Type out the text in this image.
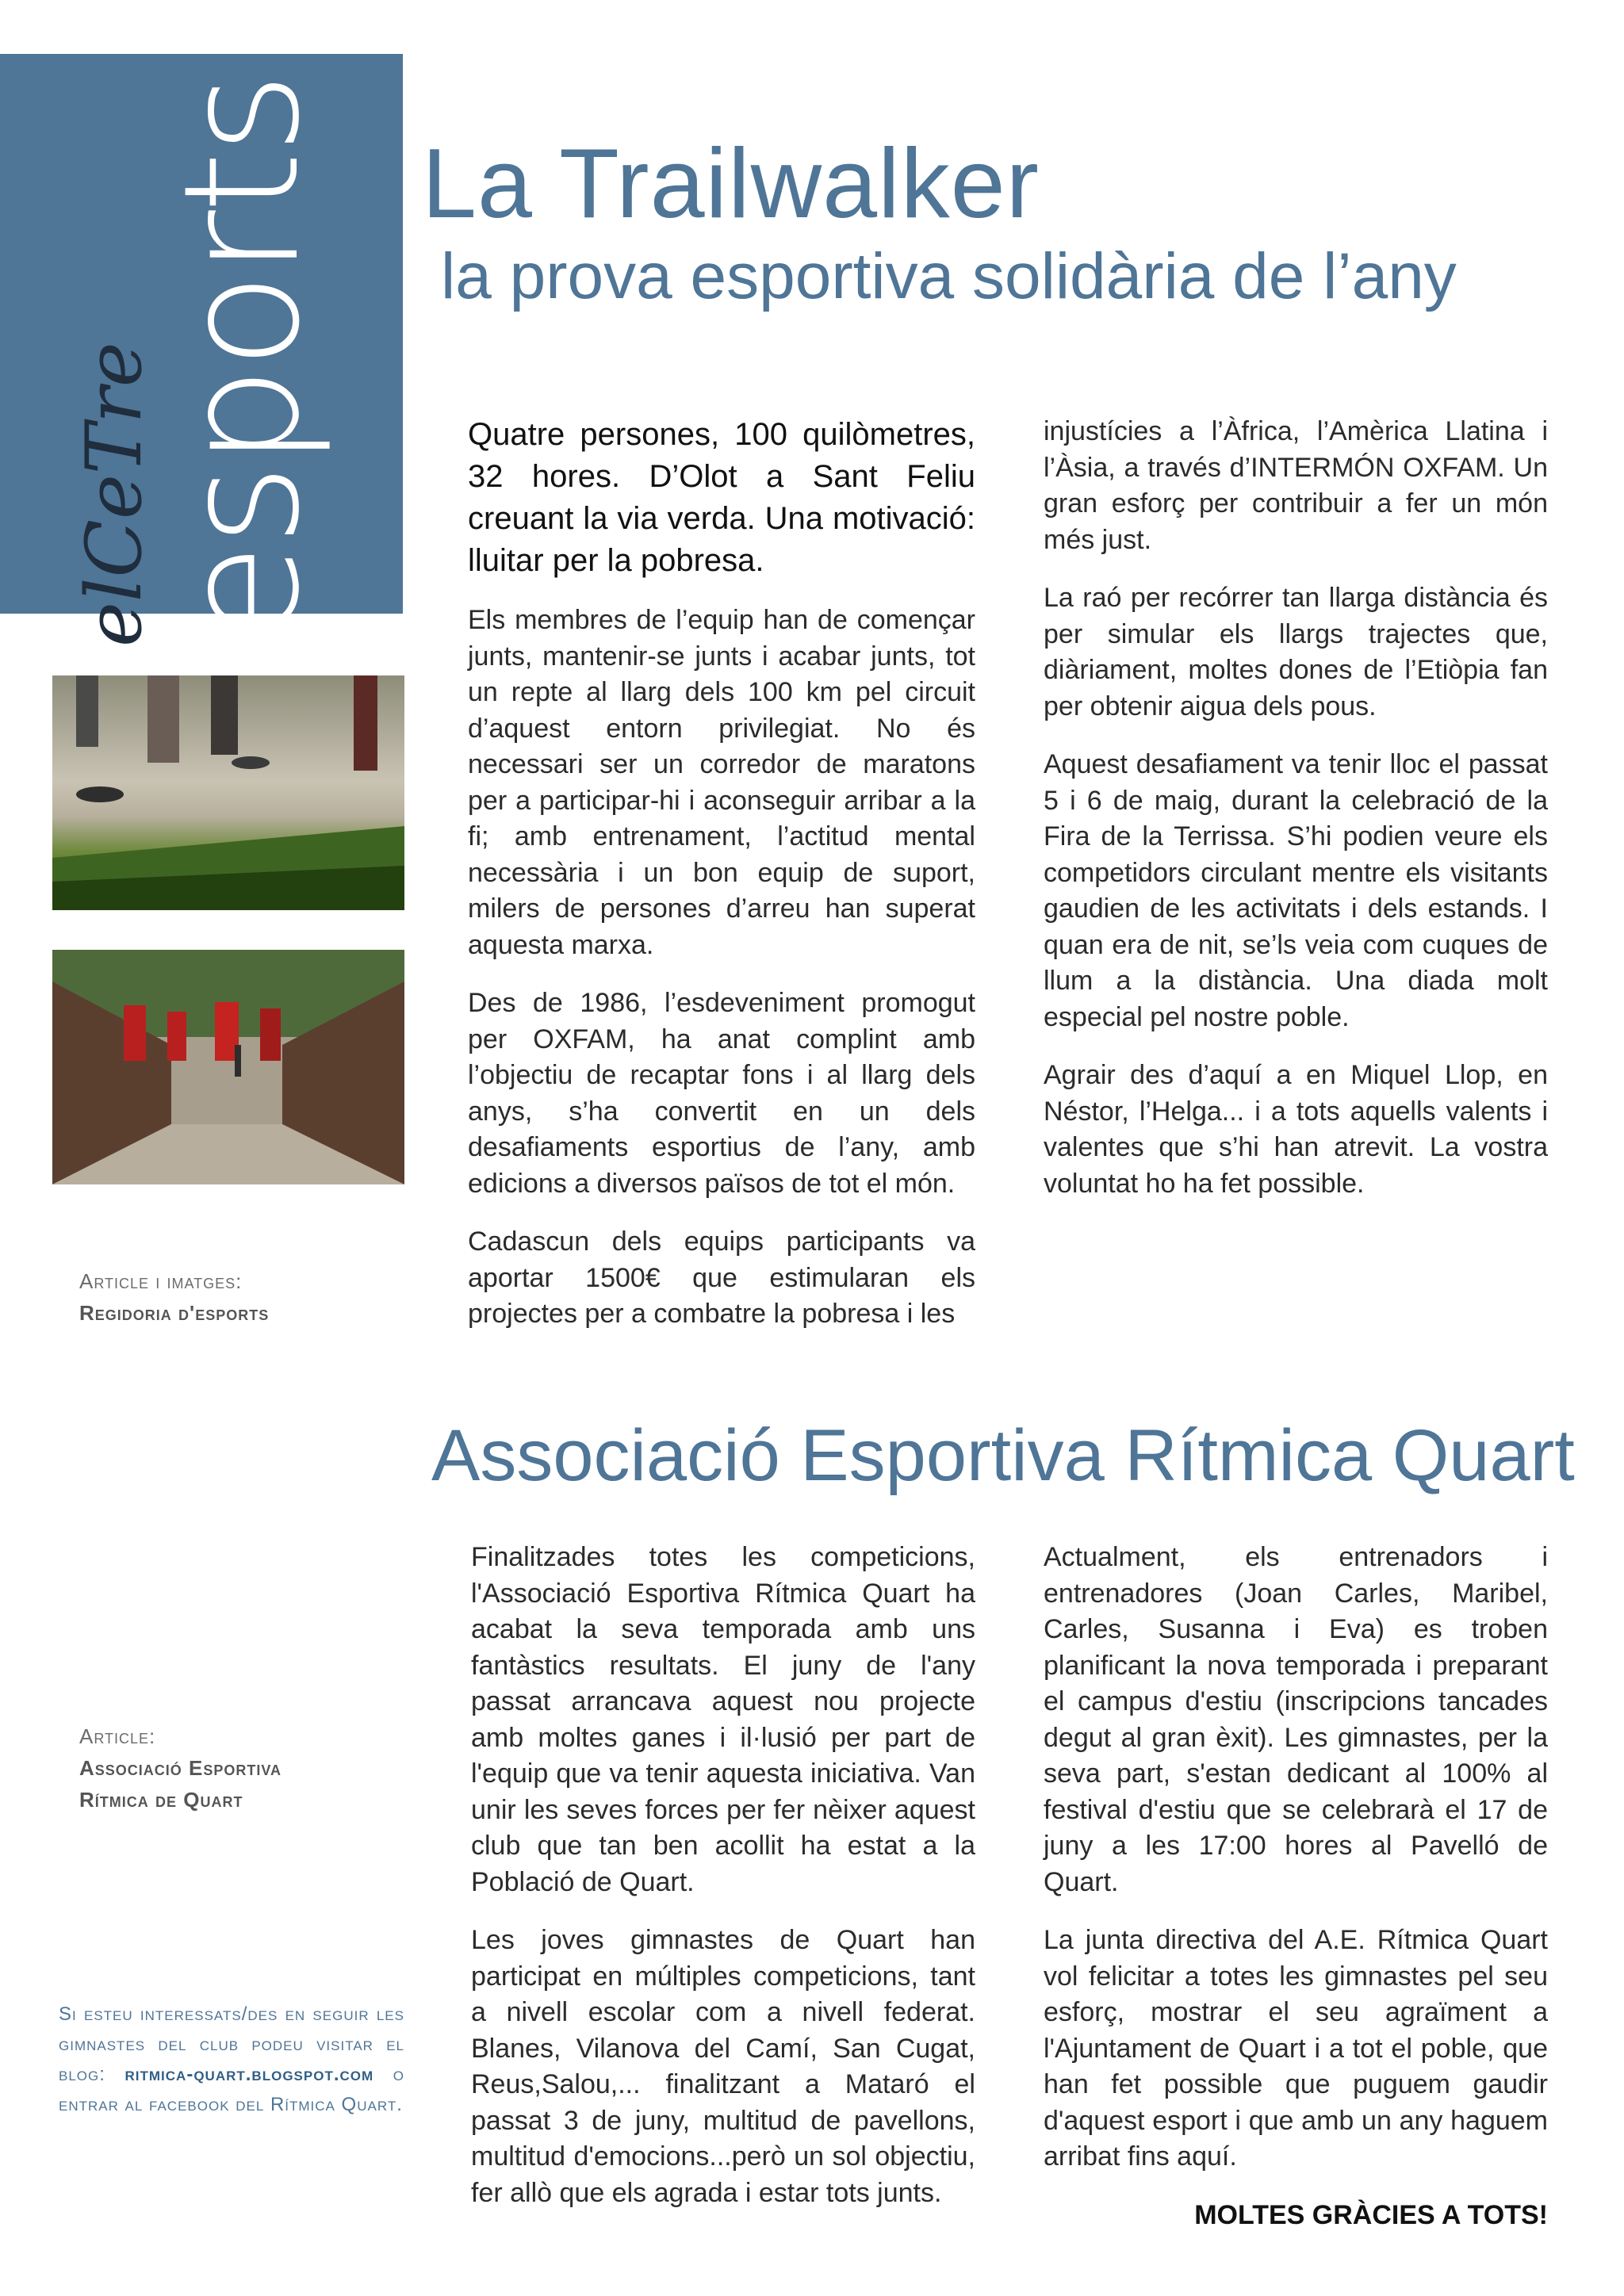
elCeTre
esports
Article i imatges:
Regidoria d'esports
Article:
Associació Esportiva
Rítmica de Quart
Si esteu interessats/des en seguir les gimnastes del club podeu visitar el blog: ritmica-quart.blogspot.com o entrar al facebook del Rítmica Quart.
La Trailwalker
la prova esportiva solidària de l’any

Quatre persones, 100 quilòmetres, 32 hores. D’Olot a Sant Feliu creuant la via verda. Una motivació: lluitar per la pobresa.

Els membres de l’equip han de començar junts, mantenir-se junts i acabar junts, tot un repte al llarg dels 100 km pel circuit d’aquest entorn privilegiat. No és necessari ser un corredor de maratons per a participar-hi i aconseguir arribar a la fi; amb entrenament, l’actitud mental necessària i un bon equip de suport, milers de persones d’arreu han superat aquesta marxa.

Des de 1986, l’esdeveniment promogut per OXFAM, ha anat complint amb l’objectiu de recaptar fons i al llarg dels anys, s’ha convertit en un dels desafiaments esportius de l’any, amb edicions a diversos països de tot el món.

Cadascun dels equips participants va aportar 1500€ que estimularan els projectes per a combatre la pobresa i les

injustícies a l’Àfrica, l’Amèrica Llatina i l’Àsia, a través d’INTERMÓN OXFAM. Un gran esforç per contribuir a fer un món més just.

La raó per recórrer tan llarga distància és per simular els llargs trajectes que, diàriament, moltes dones de l’Etiòpia fan per obtenir aigua dels pous.

Aquest desafiament va tenir lloc el passat 5 i 6 de maig, durant la celebració de la Fira de la Terrissa. S’hi podien veure els competidors circulant mentre els visitants gaudien de les activitats i dels estands. I quan era de nit, se’ls veia com cuques de llum a la distància. Una diada molt especial pel nostre poble.

Agrair des d’aquí a en Miquel Llop, en Néstor, l’Helga... i a tots aquells valents i valentes que s’hi han atrevit. La vostra voluntat ho ha fet possible.

Associació Esportiva Rítmica Quart

Finalitzades totes les competicions, l'Associació Esportiva Rítmica Quart ha acabat la seva temporada amb uns fantàstics resultats. El juny de l'any passat arrancava aquest nou projecte amb moltes ganes i il·lusió per part de l'equip que va tenir aquesta iniciativa. Van unir les seves forces per fer nèixer aquest club que tan ben acollit ha estat a la Població de Quart.

Les joves gimnastes de Quart han participat en múltiples competicions, tant a nivell escolar com a nivell federat. Blanes, Vilanova del Camí, San Cugat, Reus,Salou,... finalitzant a Mataró el passat 3 de juny, multitud de pavellons, multitud d'emocions...però un sol objectiu, fer allò que els agrada i estar tots junts.

Actualment, els entrenadors i entrenadores (Joan Carles, Maribel, Carles, Susanna i Eva) es troben planificant la nova temporada i preparant el campus d'estiu (inscripcions tancades degut al gran èxit). Les gimnastes, per la seva part, s'estan dedicant al 100% al festival d'estiu que se celebrarà el 17 de juny a les 17:00 hores al Pavelló de Quart.

La junta directiva del A.E. Rítmica Quart vol felicitar a totes les gimnastes pel seu esforç, mostrar el seu agraïment a l'Ajuntament de Quart i a tot el poble, que han fet possible que puguem gaudir d'aquest esport i que amb un any haguem arribat fins aquí.

MOLTES GRÀCIES A TOTS!
